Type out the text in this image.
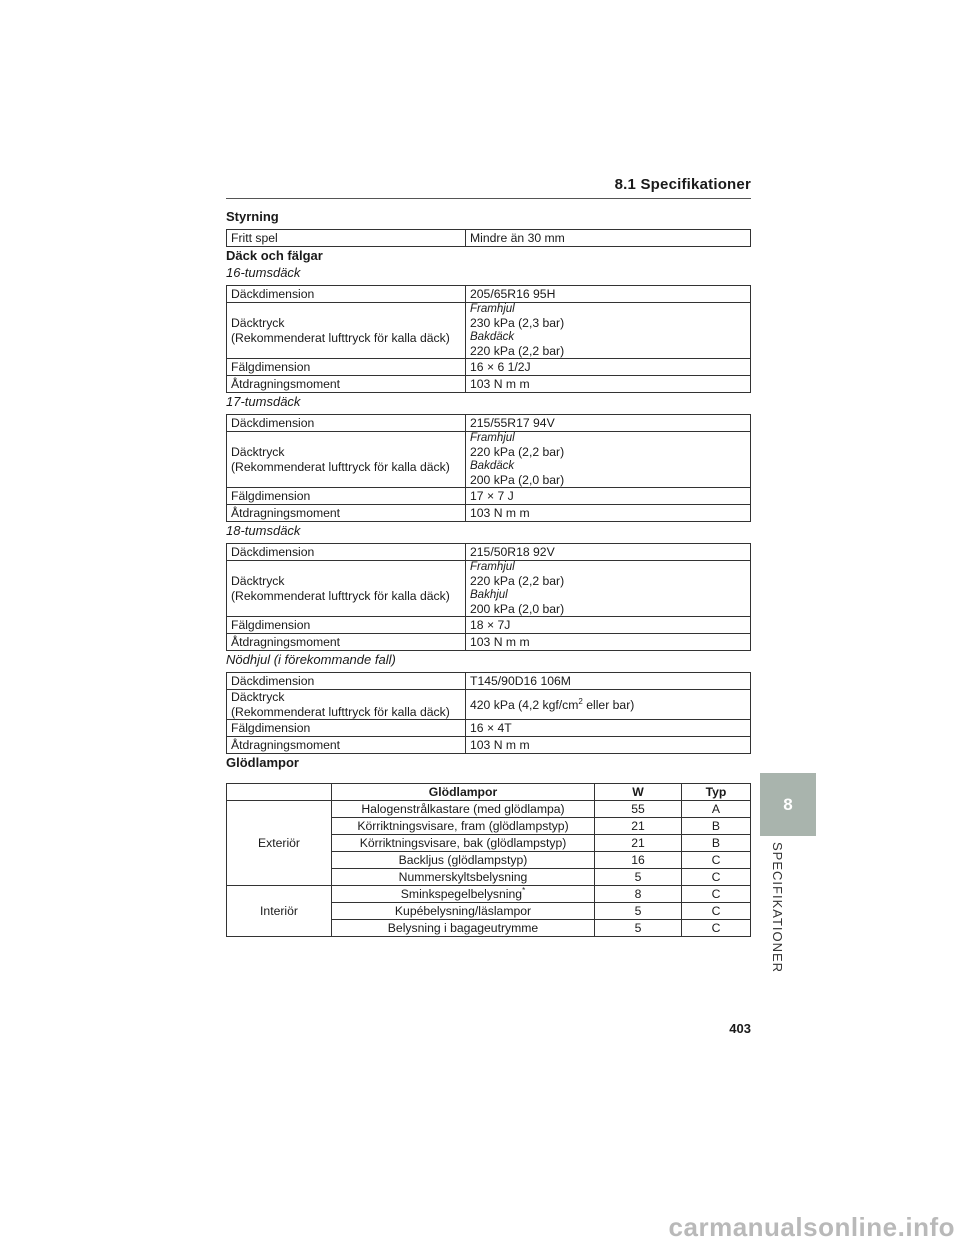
8.1 Specifikationer
Styrning
Fritt spel	Mindre än 30 mm
Däck och fälgar
16-tumsdäck
Däckdimension	205/65R16 95H

Däcktryck
(Rekommenderat lufttryck för kalla däck)	Framhjul
230 kPa (2,3 bar)
Bakdäck
220 kPa (2,2 bar)

Fälgdimension	16 × 6 1/2J
Åtdragningsmoment	103 N m m
17-tumsdäck
Däckdimension	215/55R17 94V

Däcktryck
(Rekommenderat lufttryck för kalla däck)	Framhjul
220 kPa (2,2 bar)
Bakdäck
200 kPa (2,0 bar)

Fälgdimension	17 × 7 J
Åtdragningsmoment	103 N m m
18-tumsdäck
Däckdimension	215/50R18 92V

Däcktryck
(Rekommenderat lufttryck för kalla däck)	Framhjul
220 kPa (2,2 bar)
Bakhjul
200 kPa (2,0 bar)

Fälgdimension	18 × 7J
Åtdragningsmoment	103 N m m
Nödhjul (i förekommande fall)
Däckdimension	T145/90D16 106M

Däcktryck
(Rekommenderat lufttryck för kalla däck)	420 kPa (4,2 kgf/$cm^2$ eller bar)
Fälgdimension	16 × 4T
Åtdragningsmoment	103 N m m
Glödlampor
	Glödlampor	W	Typ
Exteriör	Halogenstrålkastare (med glödlampa)	55	A
	Körriktningsvisare, fram (glödlampstyp)	21	B
	Körriktningsvisare, bak (glödlampstyp)	21	B
	Backljus (glödlampstyp)	16	C
	Nummerskyltsbelysning	5	C
Interiör	Sminkspegelbelysning*	8	C
	Kupébelysning/läslampor	5	C
	Belysning i bagageutrymme	5	C
8
SPECIFIKATIONER
403
carmanualsonline.info
